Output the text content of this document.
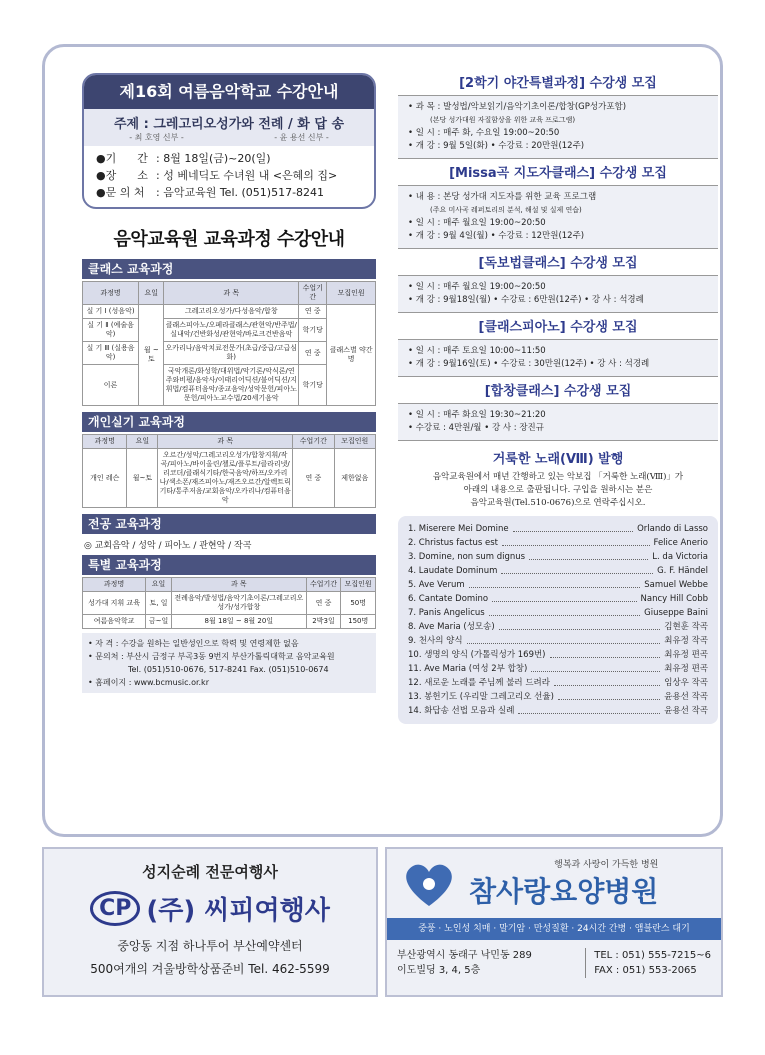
제16회 여름음악학교 수강안내
주제 : 그레고리오성가와 전례 / 화 답 송
- 최 호영 신부 -	- 윤 용선 신부 -
●기      간 : 8월 18일(금)~20(일)
●장      소 : 성 베네딕도 수녀원 내 <은혜의 집>
●문 의 처	: 음악교육원 Tel. (051)517-8241
음악교육원 교육과정 수강안내
클래스 교육과정
과정명	요일	과 목	수업기간	모집인원
실 기 Ⅰ (성음악)	월 ~ 토	그레고리오성가/다성음악/합창	연 중	클래스별 약간명
실 기 Ⅱ (예술음악)		클래스피아노/오페라클래스/관현악/반주법/실내악/건반화성/관현악/바로크건반음악	학기당	
실 기 Ⅲ (실용음악)		오카리나/음악치료전문가(초급/중급/고급심화)	연 중	
이론		국악개론/화성학/대위법/악기론/악식론/연주와비평/음악사/이태리어딕션/불어딕션/지휘법/컴퓨터음악/종교음악/성악문헌/피아노문헌/피아노교수법/20세기음악	학기당	
개인실기 교육과정
과정명	요일	과 목	수업기간	모집인원
개인 레슨	월~토	오르간/성악/그레고리오성가/합창지휘/작곡/피아노/바이올린/첼로/플루트/클라리넷/리코더/클래식기타/한국음악/하프/오카리나/색소폰/재즈피아노/재즈오르간/알렉트릭기타/통주저음/교회음악/오카리나/컴퓨터음악	연 중	제한없음
전공 교육과정
◎ 교회음악 / 성악 / 피아노 / 관현악 / 작곡
특별 교육과정
과정명	요일	과 목	수업기간	모집인원
성가대 지휘 교육	토, 일	전례음악/발성법/음악기초이론/그레고리오성가/성가합창	연 중	50명
여름음악학교	금~일	8월 18일 ~ 8월 20일	2박3일	150명
• 자 격 : 수강을 원하는 일반성인으로 학력 및 연령제한 없음
• 문의처 : 부산시 금정구 부곡3동 9번지 부산가톨릭대학교 음악교육원
Tel. (051)510-0676, 517-8241 Fax. (051)510-0674
• 홈페이지 : www.bcmusic.or.kr
[2학기 야간특별과정] 수강생 모집
• 과 목 : 발성법/악보읽기/음악기초이론/합창(GP성가포함)
(본당 성가대원 자질함상을 위한 교육 프로그램)
• 일 시 : 매주 화, 수요일 19:00~20:50
• 개 강 : 9월 5일(화) • 수강료 : 20만원(12주)
[Missa곡 지도자클래스] 수강생 모집
• 내 용 : 본당 성가대 지도자를 위한 교육 프로그램
(주요 미사곡 레퍼토리의 분석, 해설 및 실제 연습)
• 일 시 : 매주 월요일 19:00~20:50
• 개 강 : 9월 4일(월) • 수강료 : 12만원(12주)
[독보법클래스] 수강생 모집
• 일 시 : 매주 월요일 19:00~20:50
• 개 강 : 9월18일(월) • 수강료 : 6만원(12주) • 강 사 : 석경례
[클래스피아노] 수강생 모집
• 일 시 : 매주 토요일 10:00~11:50
• 개 강 : 9월16일(토) • 수강료 : 30만원(12주) • 강 사 : 석경례
[합창클래스] 수강생 모집
• 일 시 : 매주 화요일 19:30~21:20
• 수강료 : 4만원/월 • 강 사 : 장진규
거룩한 노래(Ⅷ) 발행
음악교육원에서 매년 간행하고 있는 악보집 「거룩한 노래(Ⅷ)」가
아래의 내용으로 출판됩니다. 구입을 원하시는 분은
음악교육원(Tel.510-0676)으로 연락주십시오.
1. Miserere Mei Domine	Orlando di Lasso
2. Christus factus est	Felice Anerio
3. Domine, non sum dignus	L. da Victoria
4. Laudate Dominum	G. F. Händel
5. Ave Verum	Samuel Webbe
6. Cantate Domino	Nancy Hill Cobb
7. Panis Angelicus	Giuseppe Baini
8. Ave Maria (성모송)	김현훈 작곡
9. 천사의 양식	최유정 작곡
10. 생명의 양식 (가톨릭성가 169번)	최유정 편곡
11. Ave Maria (여성 2부 합창)	최유정 편곡
12. 새로운 노래를 주님께 불러 드려라	임상우 작곡
13. 봉헌기도 (우리말 그레고리오 선율)	윤용선 작곡
14. 화답송 선법 모음과 실례	윤용선 작곡
성지순례 전문여행사
CP (주) 씨피여행사
중앙동 지점 하나투어 부산예약센터
500여개의 겨울방학상품준비 Tel. 462-5599
행복과 사랑이 가득한 병원
참사랑요양병원
중풍 · 노인성 치매 · 말기암 · 만성질환 · 24시간 간병 · 앰블란스 대기
부산광역시 동래구 낙민동 289
이도빌딩 3, 4, 5층
TEL : 051) 555-7215~6
FAX : 051) 553-2065
